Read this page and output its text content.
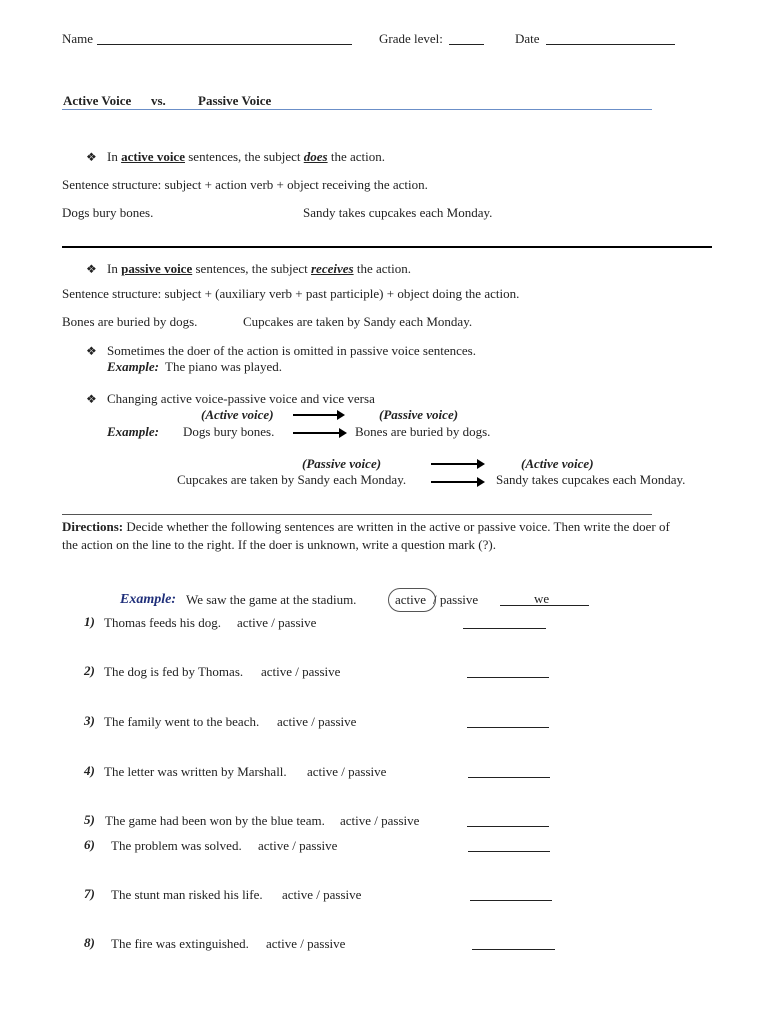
Name	Grade level:	Date
Active Voice vs. Passive Voice
❖ In active voice sentences, the subject does the action.
Sentence structure: subject + action verb + object receiving the action.
Dogs bury bones.	Sandy takes cupcakes each Monday.
❖ In passive voice sentences, the subject receives the action.
Sentence structure: subject + (auxiliary verb + past participle) + object doing the action.
Bones are buried by dogs.	Cupcakes are taken by Sandy each Monday.
❖ Sometimes the doer of the action is omitted in passive voice sentences.
Example: The piano was played.
❖ Changing active voice-passive voice and vice versa
(Active voice)	(Passive voice)
Example: Dogs bury bones.	Bones are buried by dogs.
(Passive voice)	(Active voice)
Cupcakes are taken by Sandy each Monday.	Sandy takes cupcakes each Monday.
Directions: Decide whether the following sentences are written in the active or passive voice. Then write the doer of
the action on the line to the right. If the doer is unknown, write a question mark (?).
Example: We saw the game at the stadium.	active / passive	we
1) Thomas feeds his dog. active / passive
2) The dog is fed by Thomas. active / passive
3) The family went to the beach. active / passive
4) The letter was written by Marshall. active / passive
5) The game had been won by the blue team. active / passive
6) The problem was solved. active / passive
7) The stunt man risked his life. active / passive
8) The fire was extinguished. active / passive
